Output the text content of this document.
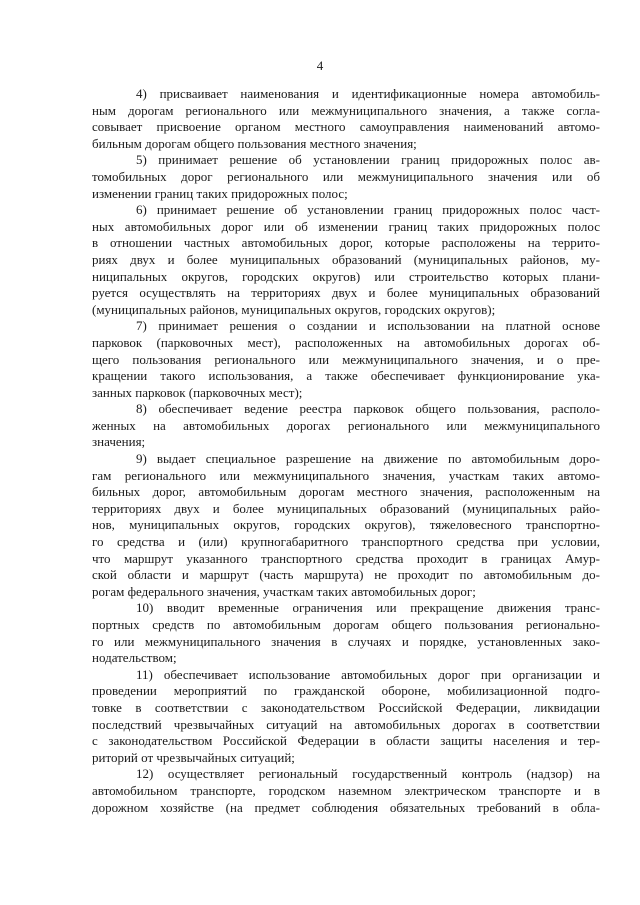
4
4) присваивает наименования и идентификационные номера автомобиль-
ным дорогам регионального или межмуниципального значения, а также согла-
совывает присвоение органом местного самоуправления наименований автомо-
бильным дорогам общего пользования местного значения;
5) принимает решение об установлении границ придорожных полос ав-
томобильных дорог регионального или межмуниципального значения или об
изменении границ таких придорожных полос;
6) принимает решение об установлении границ придорожных полос част-
ных автомобильных дорог или об изменении границ таких придорожных полос
в отношении частных автомобильных дорог, которые расположены на террито-
риях двух и более муниципальных образований (муниципальных районов, му-
ниципальных округов, городских округов) или строительство которых плани-
руется осуществлять на территориях двух и более муниципальных образований
(муниципальных районов, муниципальных округов, городских округов);
7) принимает решения о создании и использовании на платной основе
парковок (парковочных мест), расположенных на автомобильных дорогах об-
щего пользования регионального или межмуниципального значения, и о пре-
кращении такого использования, а также обеспечивает функционирование ука-
занных парковок (парковочных мест);
8) обеспечивает ведение реестра парковок общего пользования, располо-
женных на автомобильных дорогах регионального или межмуниципального
значения;
9) выдает специальное разрешение на движение по автомобильным доро-
гам регионального или межмуниципального значения, участкам таких автомо-
бильных дорог, автомобильным дорогам местного значения, расположенным на
территориях двух и более муниципальных образований (муниципальных райо-
нов, муниципальных округов, городских округов), тяжеловесного транспортно-
го средства и (или) крупногабаритного транспортного средства при условии,
что маршрут указанного транспортного средства проходит в границах Амур-
ской области и маршрут (часть маршрута) не проходит по автомобильным до-
рогам федерального значения, участкам таких автомобильных дорог;
10) вводит временные ограничения или прекращение движения транс-
портных средств по автомобильным дорогам общего пользования регионально-
го или межмуниципального значения в случаях и порядке, установленных зако-
нодательством;
11) обеспечивает использование автомобильных дорог при организации и
проведении мероприятий по гражданской обороне, мобилизационной подго-
товке в соответствии с законодательством Российской Федерации, ликвидации
последствий чрезвычайных ситуаций на автомобильных дорогах в соответствии
с законодательством Российской Федерации в области защиты населения и тер-
риторий от чрезвычайных ситуаций;
12) осуществляет региональный государственный контроль (надзор) на
автомобильном транспорте, городском наземном электрическом транспорте и в
дорожном хозяйстве (на предмет соблюдения обязательных требований в обла-
